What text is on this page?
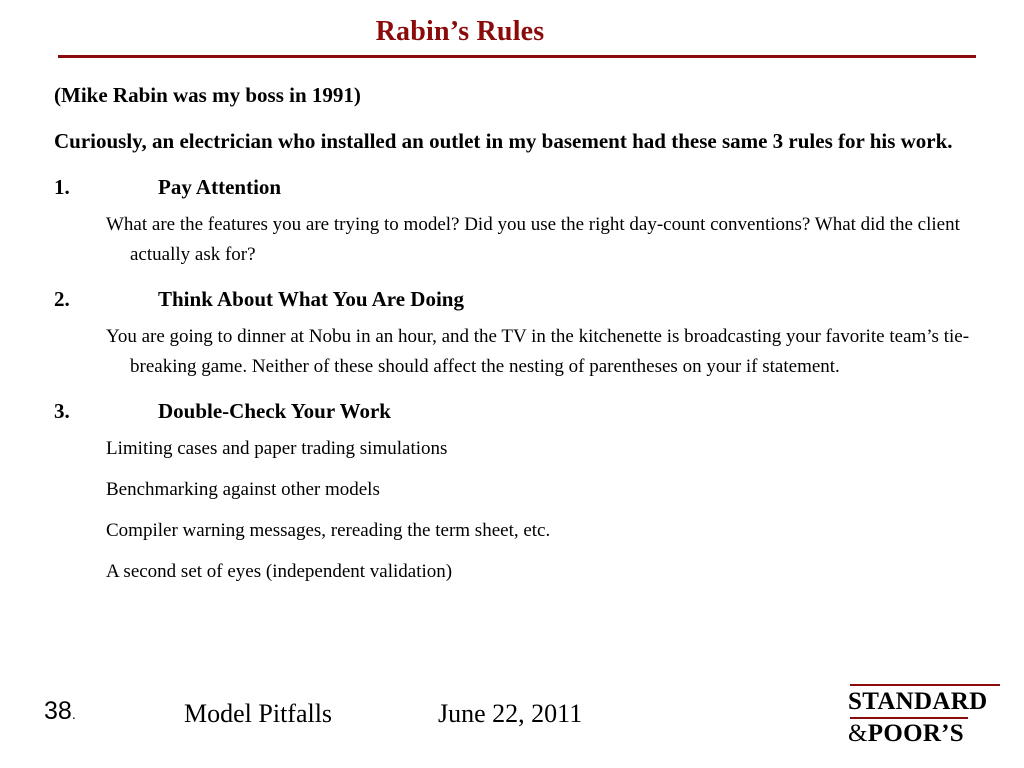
Rabin’s Rules

(Mike Rabin was my boss in 1991)

Curiously, an electrician who installed an outlet in my basement had these same 3 rules for his work.

1.	Pay Attention

What are the features you are trying to model? Did you use the right day-count conventions? What did the client actually ask for?

2.	Think About What You Are Doing

You are going to dinner at Nobu in an hour, and the TV in the kitchenette is broadcasting your favorite team’s tie-breaking game. Neither of these should affect the nesting of parentheses on your if statement.

3.	Double-Check Your Work

Limiting cases and paper trading simulations

Benchmarking against other models

Compiler warning messages, rereading the term sheet, etc.

A second set of eyes (independent validation)

38.	Model Pitfalls	June 22, 2011	STANDARD
&POOR’S
